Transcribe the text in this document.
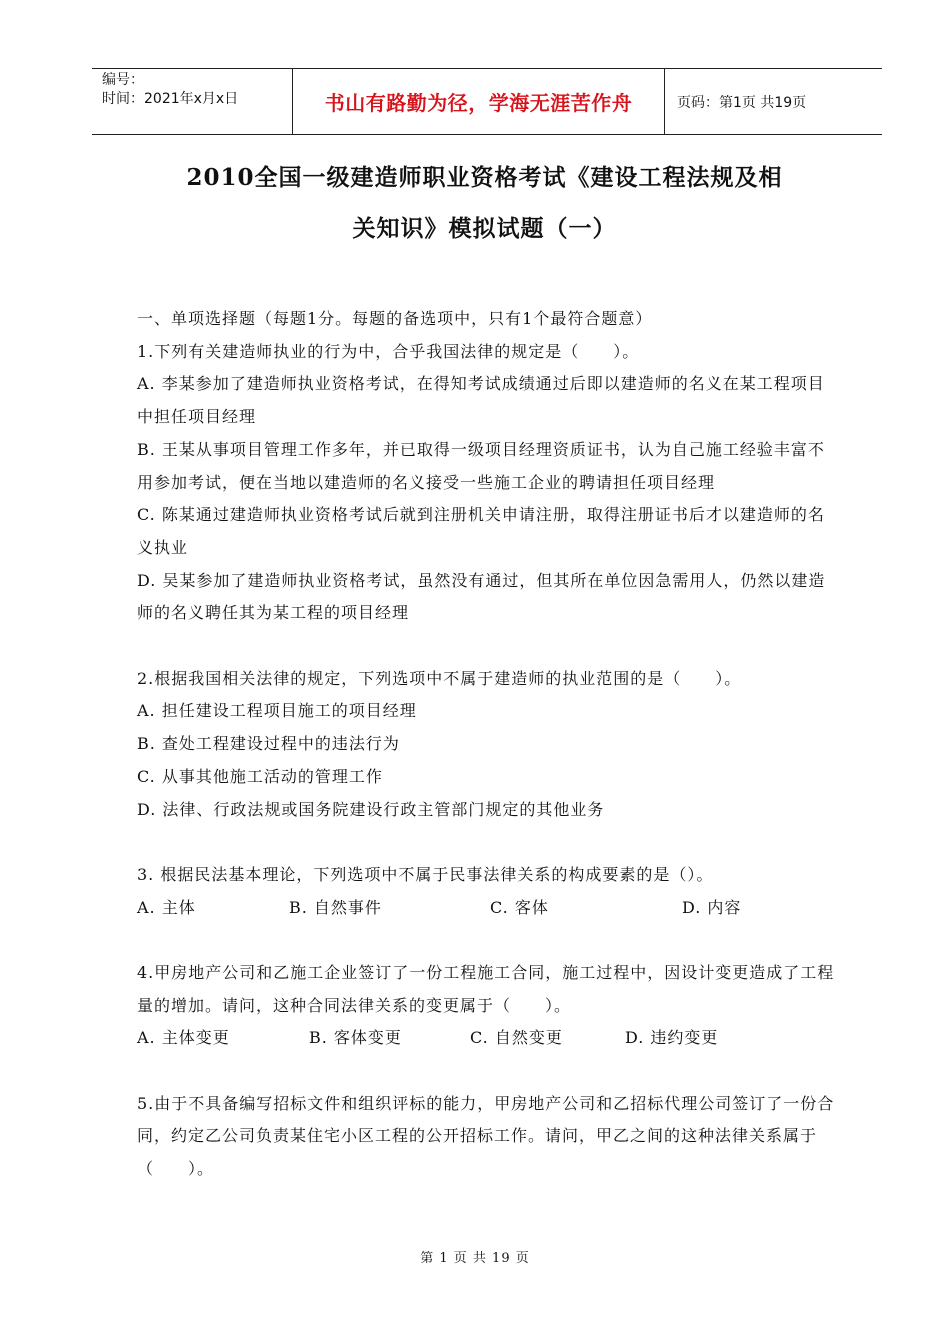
编号：
时间：2021年x月x日	书山有路勤为径，学海无涯苦作舟	页码：第1页 共19页
2010全国一级建造师职业资格考试《建设工程法规及相
关知识》模拟试题（一）
一、单项选择题（每题1分。每题的备选项中，只有1个最符合题意）
1.下列有关建造师执业的行为中，合乎我国法律的规定是（　　）。
A. 李某参加了建造师执业资格考试，在得知考试成绩通过后即以建造师的名义在某工程项目中担任项目经理
B. 王某从事项目管理工作多年，并已取得一级项目经理资质证书，认为自己施工经验丰富不用参加考试，便在当地以建造师的名义接受一些施工企业的聘请担任项目经理
C. 陈某通过建造师执业资格考试后就到注册机关申请注册，取得注册证书后才以建造师的名义执业
D. 吴某参加了建造师执业资格考试，虽然没有通过，但其所在单位因急需用人，仍然以建造师的名义聘任其为某工程的项目经理
2.根据我国相关法律的规定，下列选项中不属于建造师的执业范围的是（　　）。
A. 担任建设工程项目施工的项目经理
B. 查处工程建设过程中的违法行为
C. 从事其他施工活动的管理工作
D. 法律、行政法规或国务院建设行政主管部门规定的其他业务
3. 根据民法基本理论，下列选项中不属于民事法律关系的构成要素的是（）。
A. 主体	B. 自然事件	C. 客体	D. 内容
4.甲房地产公司和乙施工企业签订了一份工程施工合同，施工过程中，因设计变更造成了工程量的增加。请问，这种合同法律关系的变更属于（　　）。
A. 主体变更	B. 客体变更	C. 自然变更	D. 违约变更
5.由于不具备编写招标文件和组织评标的能力，甲房地产公司和乙招标代理公司签订了一份合同，约定乙公司负责某住宅小区工程的公开招标工作。请问，甲乙之间的这种法律关系属于（　　）。
第 1 页 共 19 页
